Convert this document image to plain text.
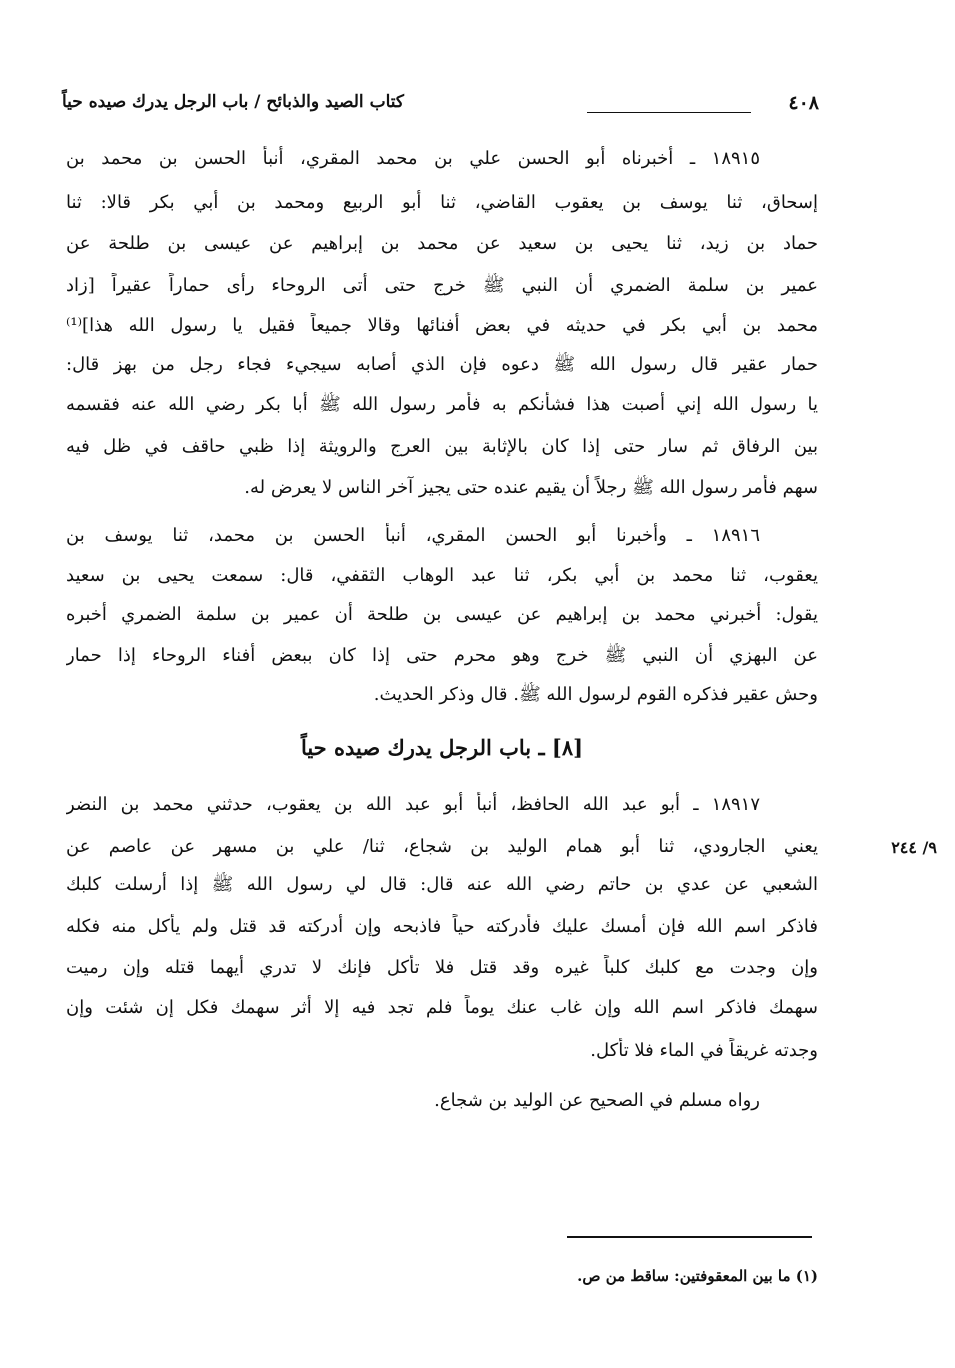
٤٠٨
كتاب الصيد والذبائح / باب الرجل يدرك صيده حياً
١٨٩١٥ ـ أخبرناه أبو الحسن علي بن محمد المقري، أنبأ الحسن بن محمد بن
إسحاق، ثنا يوسف بن يعقوب القاضي، ثنا أبو الربيع ومحمد بن أبي بكر قالا: ثنا
حماد بن زيد، ثنا يحيى بن سعيد عن محمد بن إبراهيم عن عيسى بن طلحة عن
عمير بن سلمة الضمري أن النبي ﷺ خرج حتى أتى الروحاء رأى حماراً عقيراً [زاد
محمد بن أبي بكر في حديثه في بعض أفنائها وقالا جميعاً فقيل يا رسول الله هذا]⁽¹⁾
حمار عقير قال رسول الله ﷺ دعوه فإن الذي أصابه سيجيء فجاء رجل من بهز قال:
يا رسول الله إني أصبت هذا فشأنكم به فأمر رسول الله ﷺ أبا بكر رضي الله عنه فقسمه
بين الرفاق ثم سار حتى إذا كان بالإثابة بين العرج والرويثة إذا ظبي حاقف في ظل فيه
سهم فأمر رسول الله ﷺ رجلاً أن يقيم عنده حتى يجيز آخر الناس لا يعرض له.
١٨٩١٦ ـ وأخبرنا أبو الحسن المقري، أنبأ الحسن بن محمد، ثنا يوسف بن
يعقوب، ثنا محمد بن أبي بكر، ثنا عبد الوهاب الثقفي، قال: سمعت يحيى بن سعيد
يقول: أخبرني محمد بن إبراهيم عن عيسى بن طلحة أن عمير بن سلمة الضمري أخبره
عن البهزي أن النبي ﷺ خرج وهو محرم حتى إذا كان ببعض أفناء الروحاء إذا حمار
وحش عقير فذكره القوم لرسول الله ﷺ. قال وذكر الحديث.
[٨] ـ باب الرجل يدرك صيده حياً
٩/ ٢٤٤
١٨٩١٧ ـ أبو عبد الله الحافظ، أنبأ أبو عبد الله بن يعقوب، حدثني محمد بن النضر
يعني الجارودي، ثنا أبو همام الوليد بن شجاع، ثنا/ علي بن مسهر عن عاصم عن
الشعبي عن عدي بن حاتم رضي الله عنه قال: قال لي رسول الله ﷺ إذا أرسلت كلبك
فاذكر اسم الله فإن أمسك عليك فأدركته حياً فاذبحه وإن أدركته قد قتل ولم يأكل منه فكله
وإن وجدت مع كلبك كلباً غيره وقد قتل فلا تأكل فإنك لا تدري أيهما قتله وإن رميت
سهمك فاذكر اسم الله وإن غاب عنك يوماً فلم تجد فيه إلا أثر سهمك فكل إن شئت وإن
وجدته غريقاً في الماء فلا تأكل.
رواه مسلم في الصحيح عن الوليد بن شجاع.
(١) ما بين المعقوفتين: ساقط من ص.
